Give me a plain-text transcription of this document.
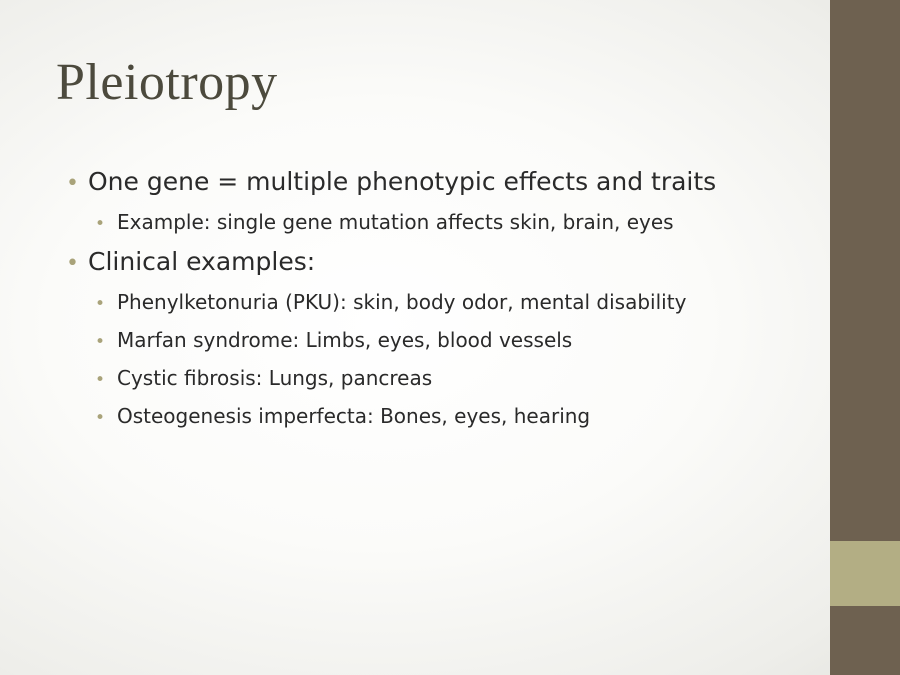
Pleiotropy
• One gene = multiple phenotypic effects and traits
• Example: single gene mutation affects skin, brain, eyes
• Clinical examples:
• Phenylketonuria (PKU): skin, body odor, mental disability
• Marfan syndrome: Limbs, eyes, blood vessels
• Cystic fibrosis: Lungs, pancreas
• Osteogenesis imperfecta: Bones, eyes, hearing
